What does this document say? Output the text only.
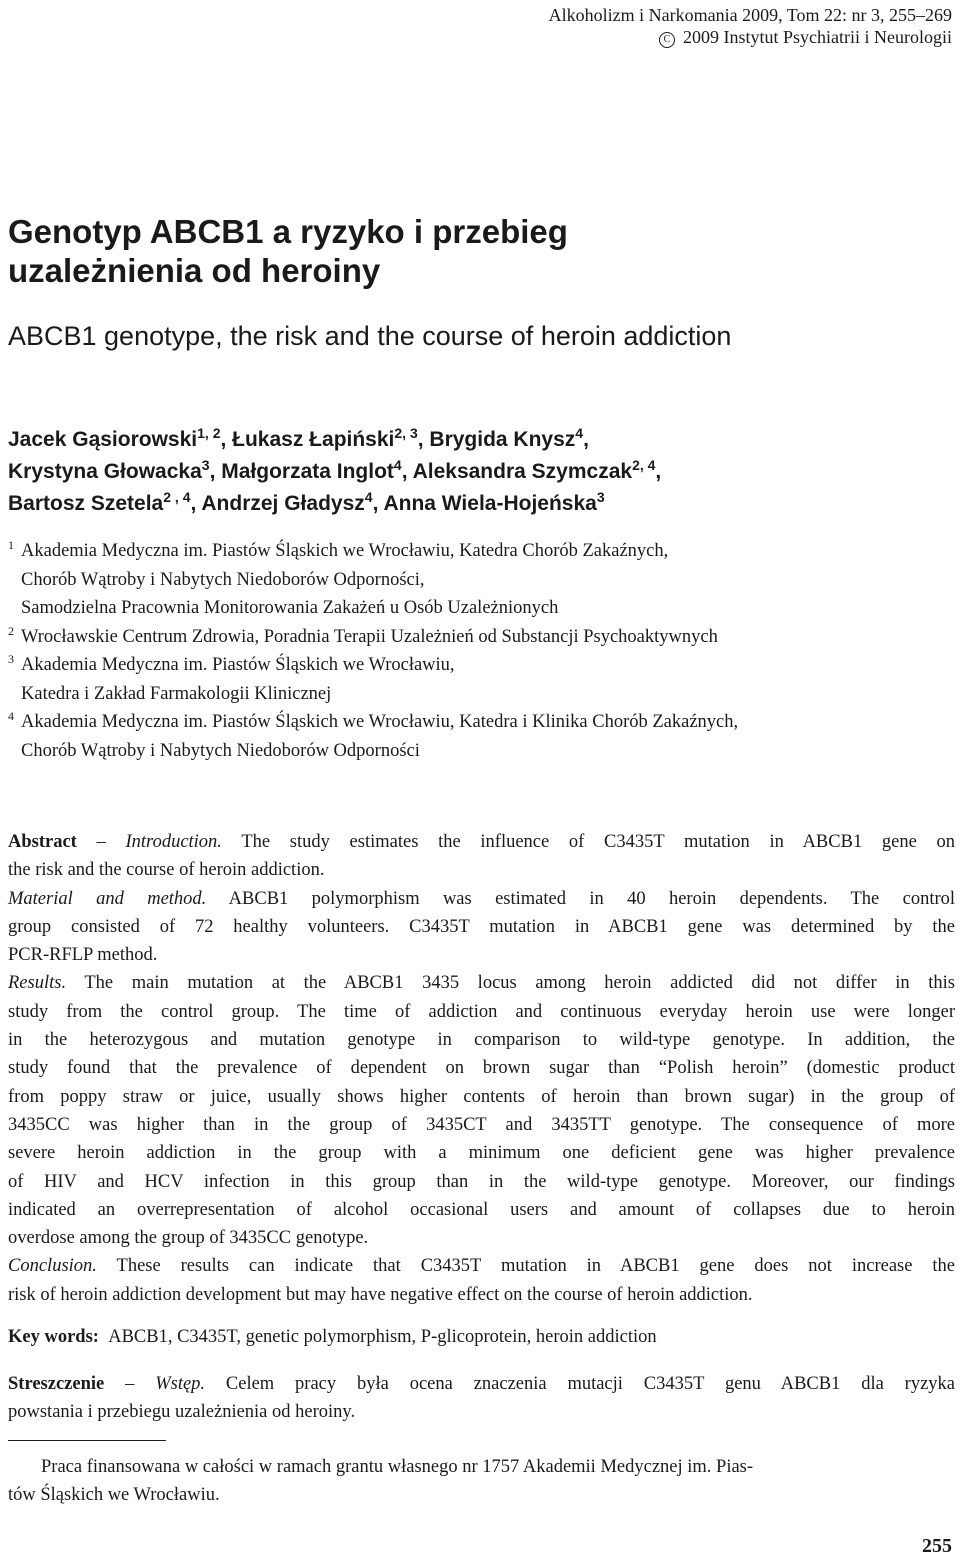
Alkoholizm i Narkomania 2009, Tom 22: nr 3, 255–269
C 2009 Instytut Psychiatrii i Neurologii
Genotyp ABCB1 a ryzyko i przebieg
uzależnienia od heroiny
ABCB1 genotype, the risk and the course of heroin addiction
Jacek Gąsiorowski$^{1, 2}$, Łukasz Łapiński$^{2, 3}$, Brygida Knysz$^4$,
Krystyna Głowacka$^3$, Małgorzata Inglot$^4$, Aleksandra Szymczak$^{2, 4}$,
Bartosz Szetela$^{2 , 4}$, Andrzej Gładysz$^4$, Anna Wiela-Hojeńska$^3$
1 Akademia Medyczna im. Piastów Śląskich we Wrocławiu, Katedra Chorób Zakaźnych,
Chorób Wątroby i Nabytych Niedoborów Odporności,
Samodzielna Pracownia Monitorowania Zakażeń u Osób Uzależnionych
2 Wrocławskie Centrum Zdrowia, Poradnia Terapii Uzależnień od Substancji Psychoaktywnych
3 Akademia Medyczna im. Piastów Śląskich we Wrocławiu,
Katedra i Zakład Farmakologii Klinicznej
4 Akademia Medyczna im. Piastów Śląskich we Wrocławiu, Katedra i Klinika Chorób Zakaźnych,
Chorób Wątroby i Nabytych Niedoborów Odporności
Abstract – Introduction. The study estimates the influence of C3435T mutation in ABCB1 gene on
the risk and the course of heroin addiction.
Material and method. ABCB1 polymorphism was estimated in 40 heroin dependents. The control
group consisted of 72 healthy volunteers. C3435T mutation in ABCB1 gene was determined by the
PCR-RFLP method.
Results. The main mutation at the ABCB1 3435 locus among heroin addicted did not differ in this
study from the control group. The time of addiction and continuous everyday heroin use were longer
in the heterozygous and mutation genotype in comparison to wild-type genotype. In addition, the
study found that the prevalence of dependent on brown sugar than “Polish heroin” (domestic product
from poppy straw or juice, usually shows higher contents of heroin than brown sugar) in the group of
3435CC was higher than in the group of 3435CT and 3435TT genotype. The consequence of more
severe heroin addiction in the group with a minimum one deficient gene was higher prevalence
of HIV and HCV infection in this group than in the wild-type genotype. Moreover, our findings
indicated an overrepresentation of alcohol occasional users and amount of collapses due to heroin
overdose among the group of 3435CC genotype.
Conclusion. These results can indicate that C3435T mutation in ABCB1 gene does not increase the
risk of heroin addiction development but may have negative effect on the course of heroin addiction.
Key words: ABCB1, C3435T, genetic polymorphism, P-glicoprotein, heroin addiction
Streszczenie – Wstęp. Celem pracy była ocena znaczenia mutacji C3435T genu ABCB1 dla ryzyka
powstania i przebiegu uzależnienia od heroiny.
Praca finansowana w całości w ramach grantu własnego nr 1757 Akademii Medycznej im. Pias-
tów Śląskich we Wrocławiu.
255
